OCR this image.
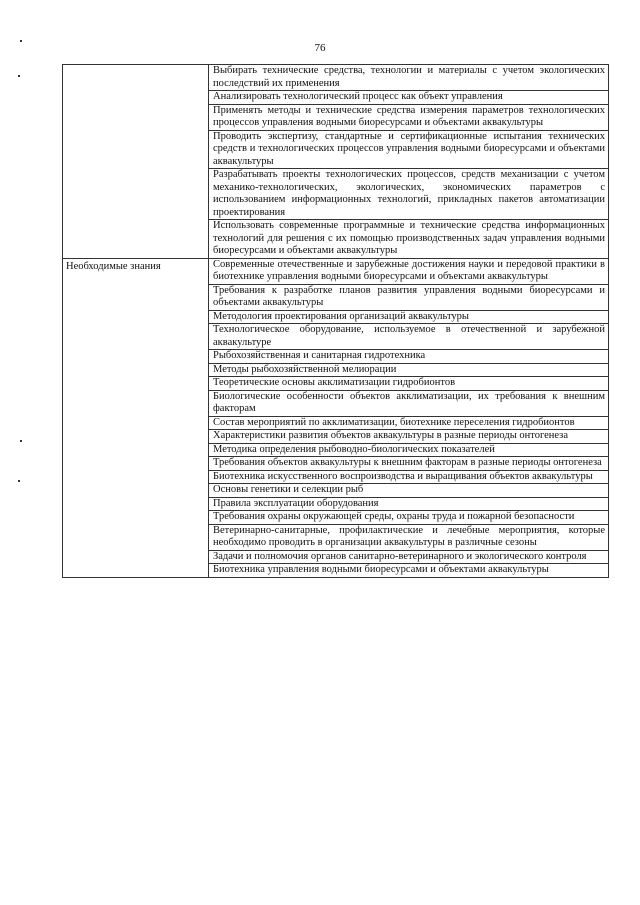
76

	Выбирать технические средства, технологии и материалы с учетом экологических последствий их применения

	Анализировать технологический процесс как объект управления

	Применять методы и технические средства измерения параметров технологических процессов управления водными биоресурсами и объектами аквакультуры

	Проводить экспертизу, стандартные и сертификационные испытания технических средств и технологических процессов управления водными биоресурсами и объектами аквакультуры

	Разрабатывать проекты технологических процессов, средств механизации с учетом механико-технологических, экологических, экономических параметров с использованием информационных технологий, прикладных пакетов автоматизации проектирования

	Использовать современные программные и технические средства информационных технологий для решения с их помощью производственных задач управления водными биоресурсами и объектами аквакультуры

Необходимые знания	Современные отечественные и зарубежные достижения науки и передовой практики в биотехнике управления водными биоресурсами и объектами аквакультуры

	Требования к разработке планов развития управления водными биоресурсами и объектами аквакультуры

	Методология проектирования организаций аквакультуры

	Технологическое оборудование, используемое в отечественной и зарубежной аквакультуре

	Рыбохозяйственная и санитарная гидротехника

	Методы рыбохозяйственной мелиорации

	Теоретические основы акклиматизации гидробионтов

	Биологические особенности объектов акклиматизации, их требования к внешним факторам

	Состав мероприятий по акклиматизации, биотехнике переселения гидробионтов

	Характеристики развития объектов аквакультуры в разные периоды онтогенеза

	Методика определения рыбоводно-биологических показателей

	Требования объектов аквакультуры к внешним факторам в разные периоды онтогенеза

	Биотехника искусственного воспроизводства и выращивания объектов аквакультуры

	Основы генетики и селекции рыб

	Правила эксплуатации оборудования

	Требования охраны окружающей среды, охраны труда и пожарной безопасности

	Ветеринарно-санитарные, профилактические и лечебные мероприятия, которые необходимо проводить в организации аквакультуры в различные сезоны

	Задачи и полномочия органов санитарно-ветеринарного и экологического контроля

	Биотехника управления водными биоресурсами и объектами аквакультуры
